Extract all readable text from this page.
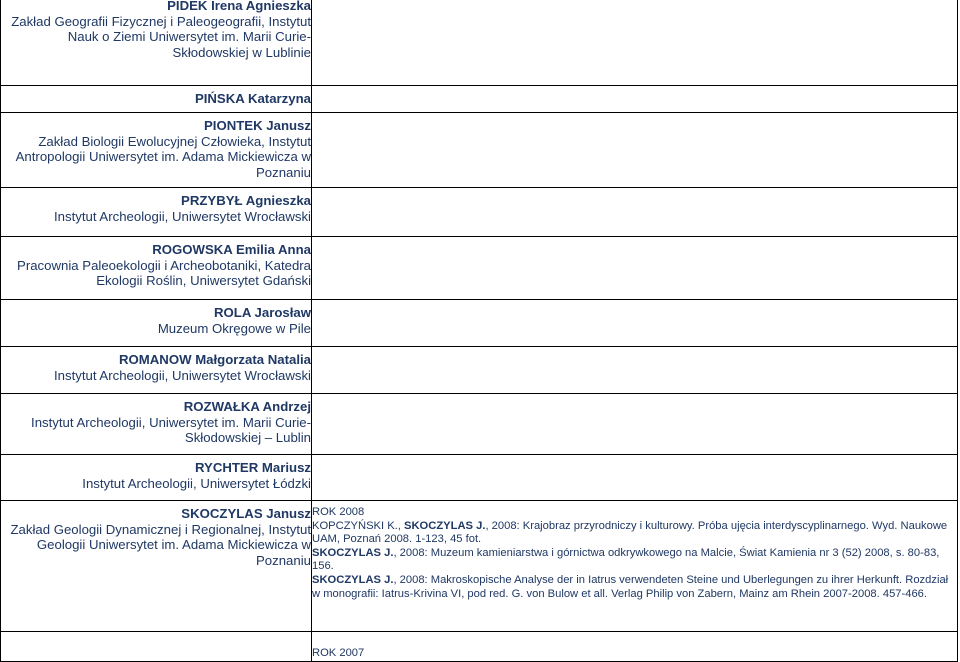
PIDEK Irena Agnieszka
Zakład Geografii Fizycznej i Paleogeografii, Instytut Nauk o Ziemi Uniwersytet im. Marii Curie-Skłodowskiej w Lublinie	

PIŃSKA Katarzyna	

PIONTEK Janusz
Zakład Biologii Ewolucyjnej Człowieka, Instytut Antropologii Uniwersytet im. Adama Mickiewicza w Poznaniu	

PRZYBYŁ Agnieszka
Instytut Archeologii, Uniwersytet Wrocławski	

ROGOWSKA Emilia Anna
Pracownia Paleoekologii i Archeobotaniki, Katedra Ekologii Roślin, Uniwersytet Gdański	

ROLA Jarosław
Muzeum Okręgowe w Pile	

ROMANOW Małgorzata Natalia
Instytut Archeologii, Uniwersytet Wrocławski	

ROZWAŁKA Andrzej
Instytut Archeologii, Uniwersytet im. Marii Curie-Skłodowskiej – Lublin	

RYCHTER Mariusz
Instytut Archeologii, Uniwersytet Łódzki	

SKOCZYLAS Janusz
Zakład Geologii Dynamicznej i Regionalnej, Instytut Geologii Uniwersytet im. Adama Mickiewicza w Poznaniu	ROK 2008
KOPCZYŃSKI K., SKOCZYLAS J., 2008: Krajobraz przyrodniczy i kulturowy. Próba ujęcia interdyscyplinarnego. Wyd. Naukowe UAM, Poznań 2008. 1-123, 45 fot.
SKOCZYLAS J., 2008: Muzeum kamieniarstwa i górnictwa odkrywkowego na Malcie, Świat Kamienia nr 3 (52) 2008, s. 80-83, 156.
SKOCZYLAS J., 2008: Makroskopische Analyse der in Iatrus verwendeten Steine und Uberlegungen zu ihrer Herkunft. Rozdział w monografii: Iatrus-Krivina VI, pod red. G. von Bulow et all. Verlag Philip von Zabern, Mainz am Rhein 2007-2008. 457-466.

	ROK 2007
